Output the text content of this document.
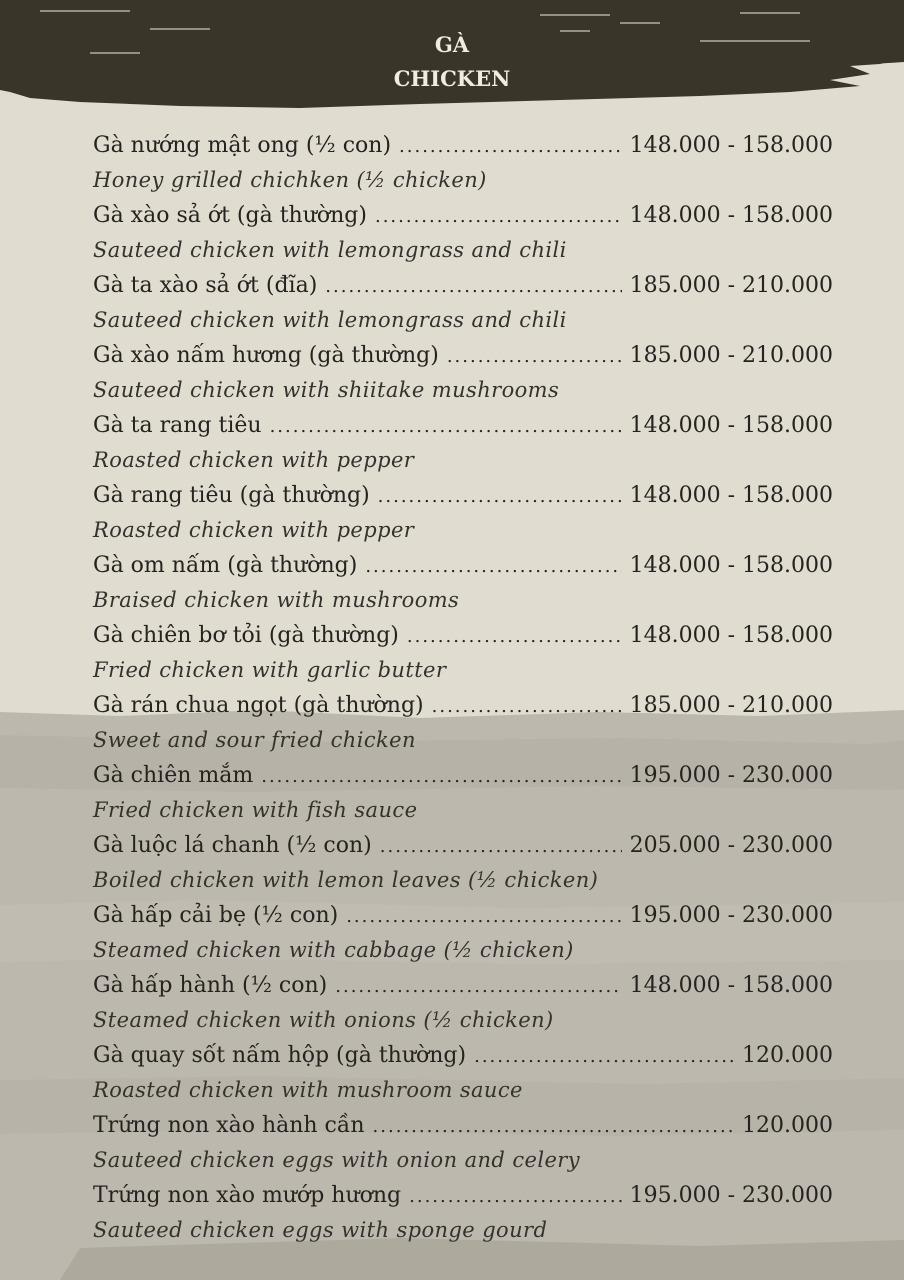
GÀ
CHICKEN
Gà nướng mật ong (½ con) .....	148.000 - 158.000
Honey grilled chichken (½ chicken)
Gà xào sả ớt (gà thường) .....	148.000 - 158.000
Sauteed chicken with lemongrass and chili
Gà ta xào sả ớt (đĩa) .....	185.000 - 210.000
Sauteed chicken with lemongrass and chili
Gà xào nấm hương (gà thường) .....	185.000 - 210.000
Sauteed chicken with shiitake mushrooms
Gà ta rang tiêu .....	148.000 - 158.000
Roasted chicken with pepper
Gà rang tiêu (gà thường) .....	148.000 - 158.000
Roasted chicken with pepper
Gà om nấm (gà thường) .....	148.000 - 158.000
Braised chicken with mushrooms
Gà chiên bơ tỏi (gà thường) .....	148.000 - 158.000
Fried chicken with garlic butter
Gà rán chua ngọt (gà thường) .....	185.000 - 210.000
Sweet and sour fried chicken
Gà chiên mắm .....	195.000 - 230.000
Fried chicken with fish sauce
Gà luộc lá chanh (½ con) .....	205.000 - 230.000
Boiled chicken with lemon leaves (½ chicken)
Gà hấp cải bẹ (½ con) .....	195.000 - 230.000
Steamed chicken with cabbage (½ chicken)
Gà hấp hành (½ con) .....	148.000 - 158.000
Steamed chicken with onions (½ chicken)
Gà quay sốt nấm hộp (gà thường) .....	120.000
Roasted chicken with mushroom sauce
Trứng non xào hành cần .....	120.000
Sauteed chicken eggs with onion and celery
Trứng non xào mướp hương .....	195.000 - 230.000
Sauteed chicken eggs with sponge gourd
